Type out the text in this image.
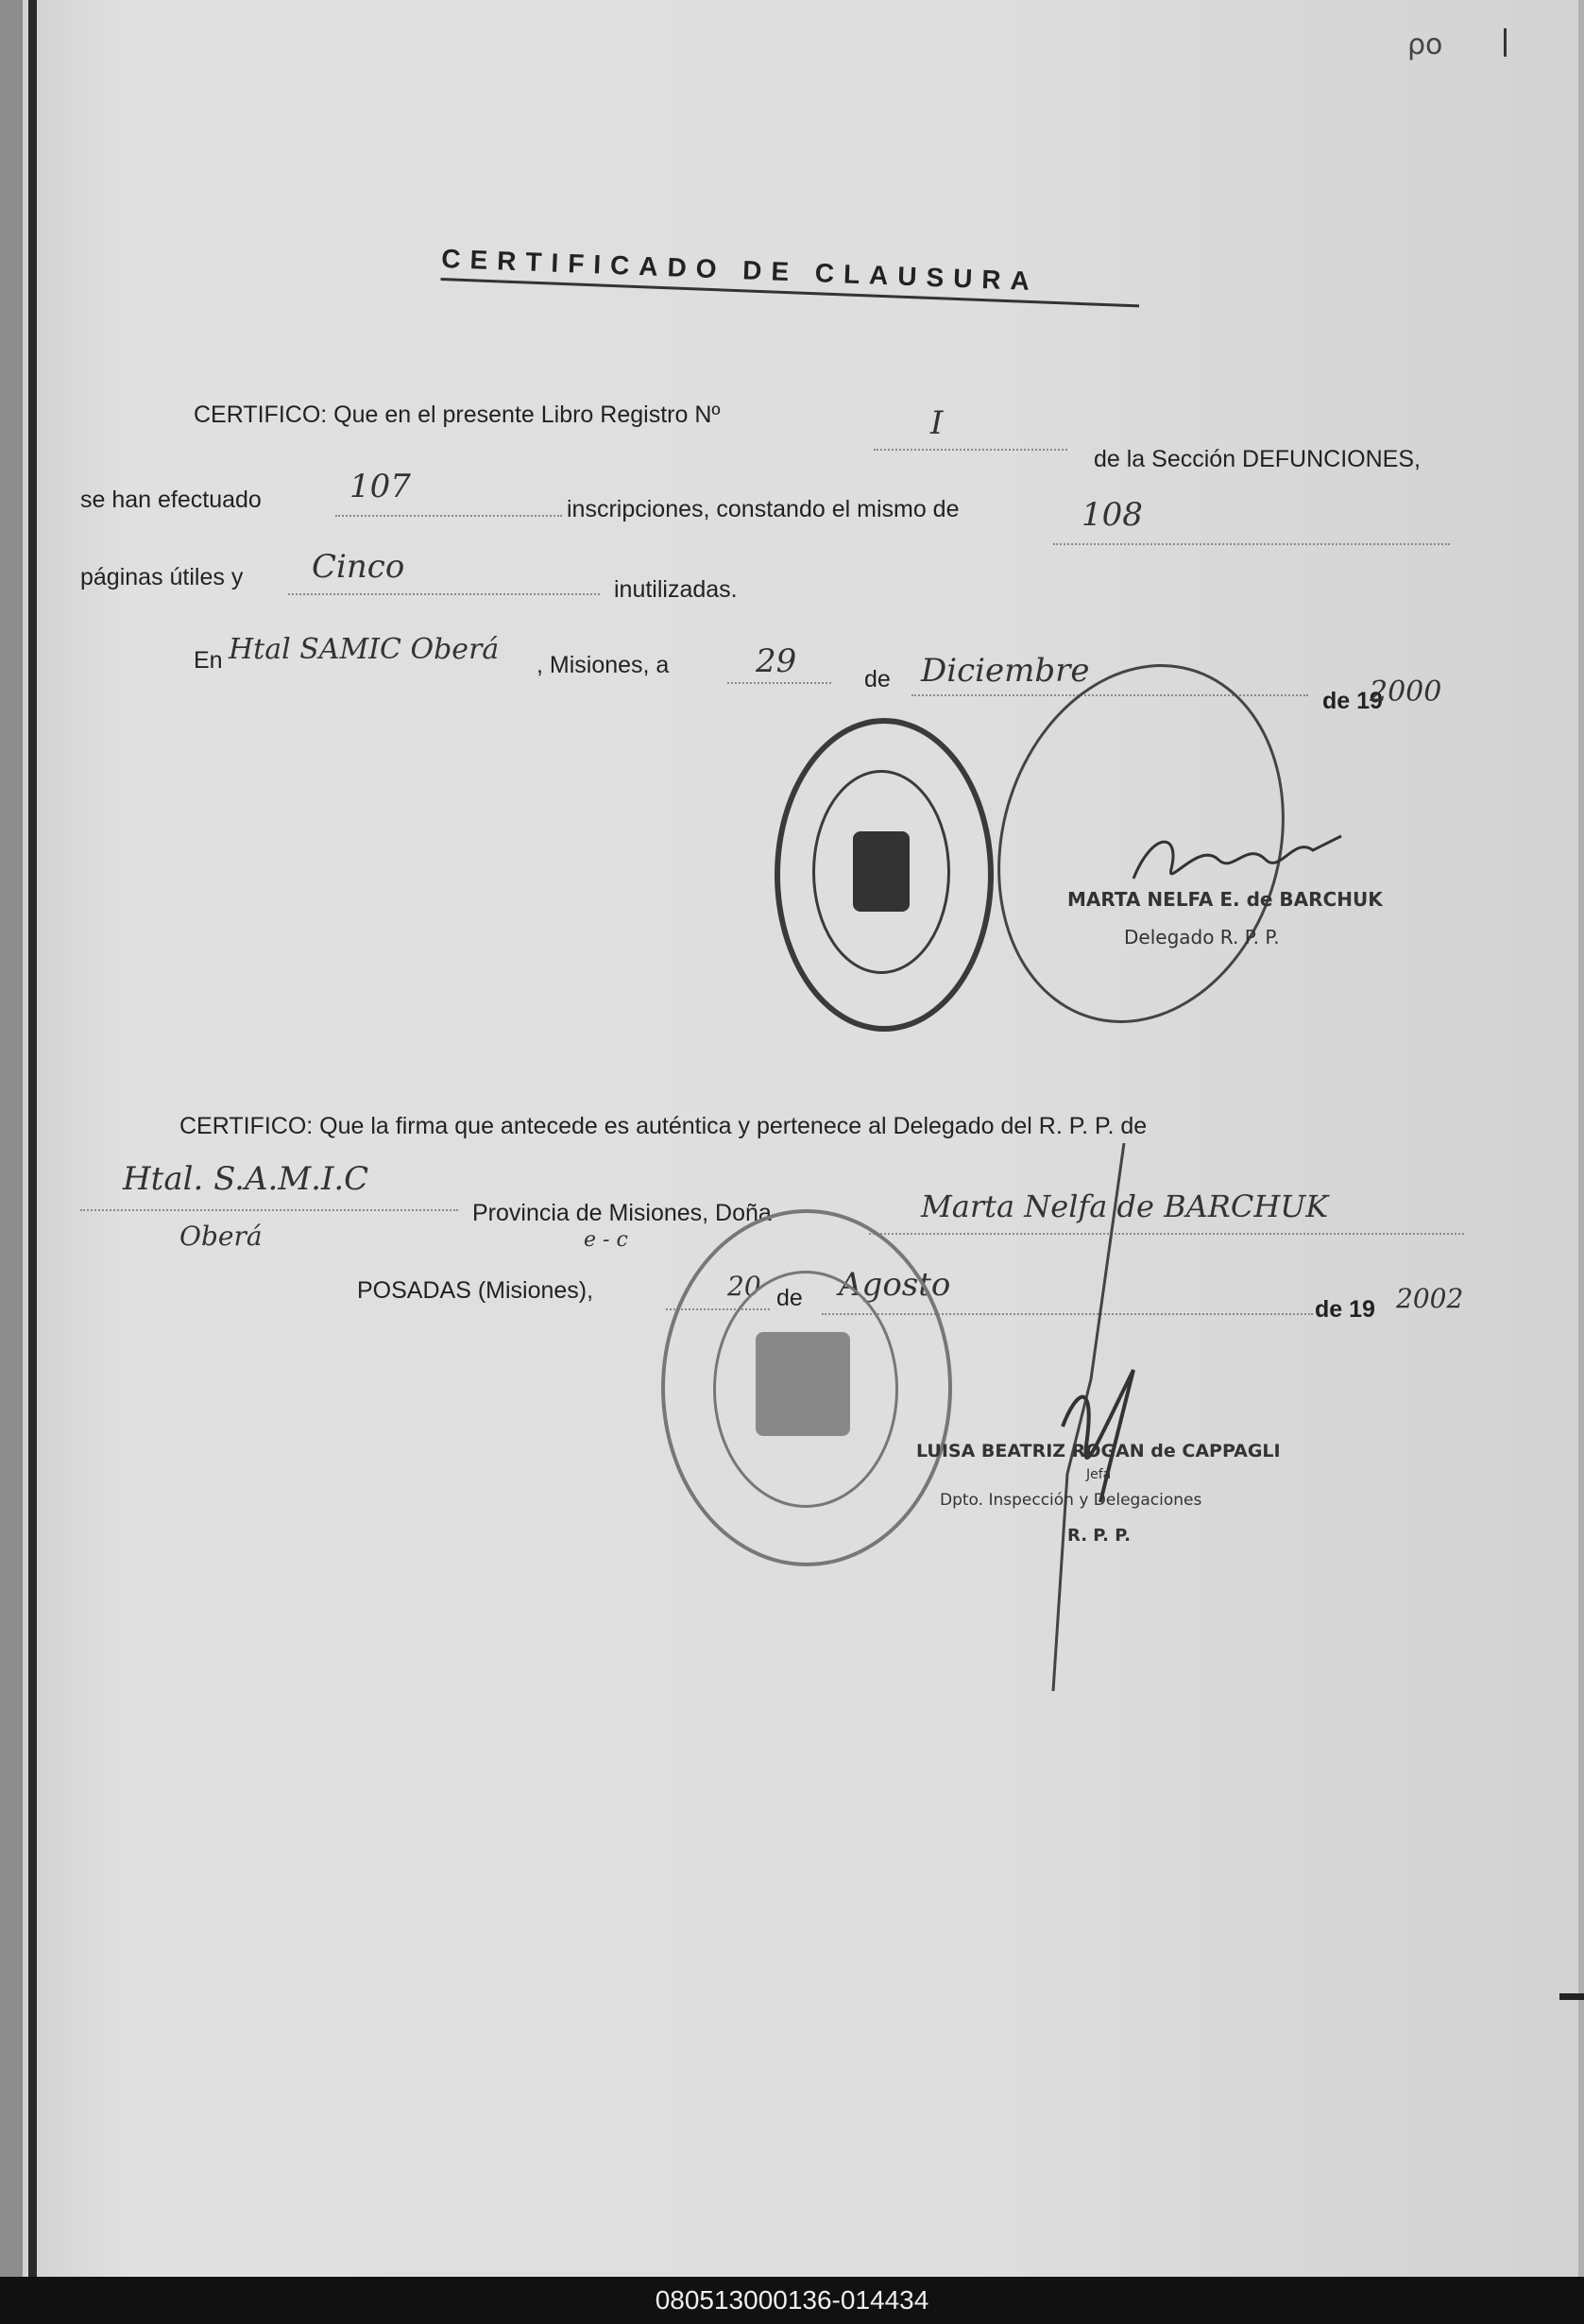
ρο
CERTIFICADO DE CLAUSURA
CERTIFICO: Que en el presente Libro Registro Nº	I
de la Sección DEFUNCIONES,
se han efectuado	107
inscripciones, constando el mismo de	108
páginas útiles y Cinco
inutilizadas.
En Htal SAMIC Oberá , Misiones, a	29	de Diciembre
de 19
2000
MARTA NELFA E. de BARCHUK
Delegado R. P. P.
CERTIFICO: Que la firma que antecede es auténtica y pertenece al Delegado del R. P. P. de
Htal. S.A.M.I.C
Oberá
Provincia de Misiones, Doña	Marta Nelfa de BARCHUK
e - c
POSADAS (Misiones),	20 de Agosto
de 19 2002
LUISA BEATRIZ ROGAN de CAPPAGLI
Jefa
Dpto. Inspección y Delegaciones
R. P. P.
080513000136-014434
